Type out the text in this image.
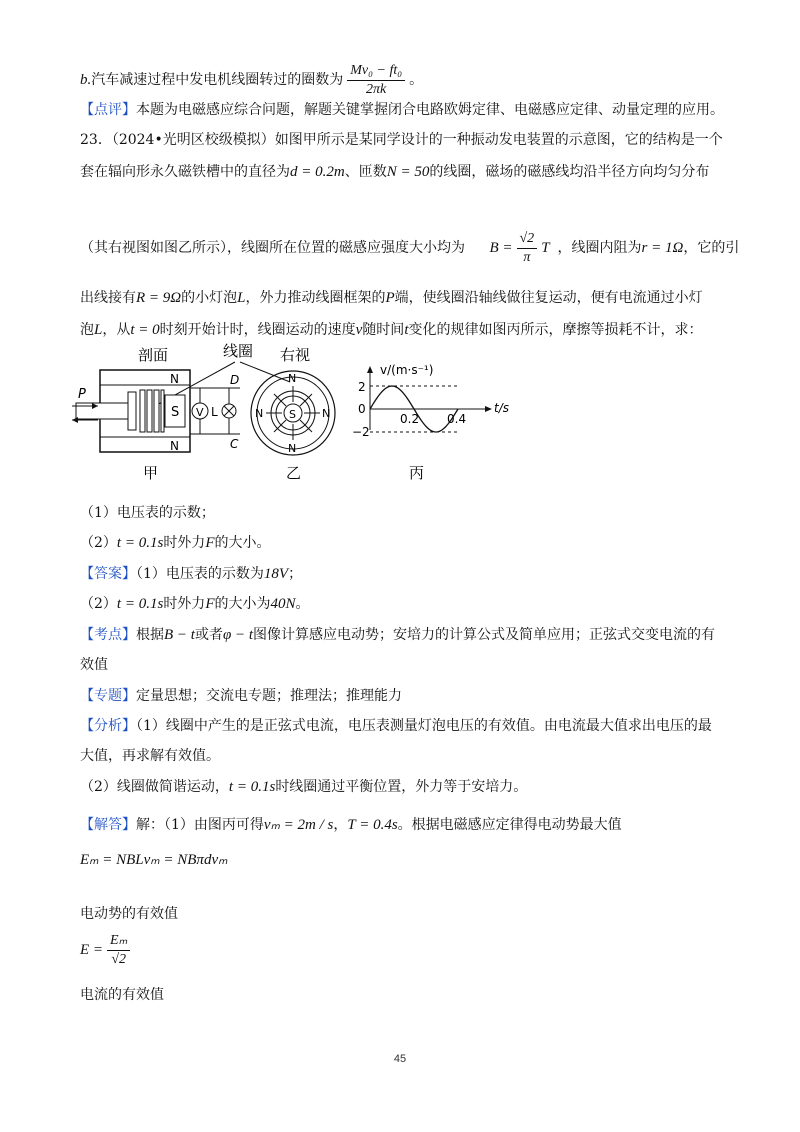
b.汽车减速过程中发电机线圈转过的圈数为 $\frac{\text{Mv₀ − ft₀}}{2\pi k}$ 。
【点评】本题为电磁感应综合问题，解题关键掌握闭合电路欧姆定律、电磁感应定律、动量定理的应用。
23．（2024•光明区校级模拟）如图甲所示是某同学设计的一种振动发电装置的示意图，它的结构是一个
套在辐向形永久磁铁槽中的直径为d = 0.2m、匝数N = 50的线圈，磁场的磁感线均沿半径方向均匀分布
（其右视图如图乙所示），线圈所在位置的磁感应强度大小均为 $B = \frac{√2}{\pi}$ T ，线圈内阻为r = 1Ω，它的引
出线接有R = 9Ω的小灯泡L，外力推动线圈框架的P端，使线圈沿轴线做往复运动，便有电流通过小灯
泡L，从t = 0时刻开始计时，线圈运动的速度v随时间t变化的规律如图丙所示，摩擦等损耗不计，求：
剖面	线圈 右视
N
N
S
P
V L
D
C
甲
S
N
N
N	N
乙
v/(m·s⁻¹)
2
0
−2
0.2 0.4
t/s
丙
（1）电压表的示数；
（2）t = 0.1s时外力F的大小。
【答案】（1）电压表的示数为18V；
（2）t = 0.1s时外力F的大小为40N。
【考点】根据B − t或者φ − t图像计算感应电动势；安培力的计算公式及简单应用；正弦式交变电流的有
效值
【专题】定量思想；交流电专题；推理法；推理能力
【分析】（1）线圈中产生的是正弦式电流，电压表测量灯泡电压的有效值。由电流最大值求出电压的最
大值，再求解有效值。
（2）线圈做简谐运动，t = 0.1s时线圈通过平衡位置，外力等于安培力。
【解答】解：（1）由图丙可得vₘ = 2m / s，T = 0.4s。根据电磁感应定律得电动势最大值
Eₘ = NBLvₘ = NBπdvₘ
电动势的有效值
$E = \frac{\text{Eₘ}}{√2}$
电流的有效值
45
